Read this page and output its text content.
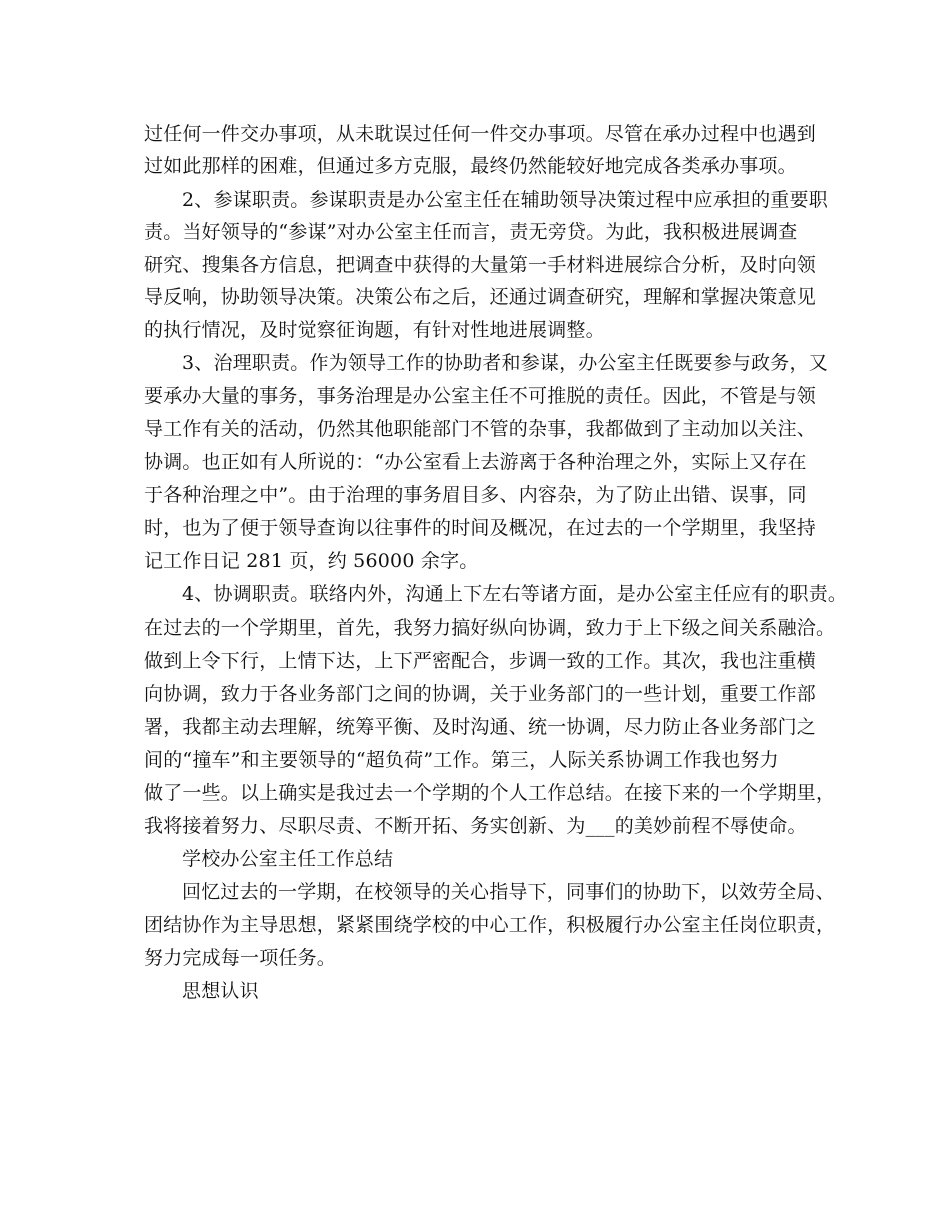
过任何一件交办事项，从未耽误过任何一件交办事项。尽管在承办过程中也遇到
过如此那样的困难，但通过多方克服，最终仍然能较好地完成各类承办事项。
2、参谋职责。参谋职责是办公室主任在辅助领导决策过程中应承担的重要职
责。当好领导的“参谋”对办公室主任而言，责无旁贷。为此，我积极进展调查
研究、搜集各方信息，把调查中获得的大量第一手材料进展综合分析，及时向领
导反响，协助领导决策。决策公布之后，还通过调查研究，理解和掌握决策意见
的执行情况，及时觉察征询题，有针对性地进展调整。
3、治理职责。作为领导工作的协助者和参谋，办公室主任既要参与政务，又
要承办大量的事务，事务治理是办公室主任不可推脱的责任。因此，不管是与领
导工作有关的活动，仍然其他职能部门不管的杂事，我都做到了主动加以关注、
协调。也正如有人所说的：“办公室看上去游离于各种治理之外，实际上又存在
于各种治理之中”。由于治理的事务眉目多、内容杂，为了防止出错、误事，同
时，也为了便于领导查询以往事件的时间及概况，在过去的一个学期里，我坚持
记工作日记 281 页，约 56000 余字。
4、协调职责。联络内外，沟通上下左右等诸方面，是办公室主任应有的职责。
在过去的一个学期里，首先，我努力搞好纵向协调，致力于上下级之间关系融洽。
做到上令下行，上情下达，上下严密配合，步调一致的工作。其次，我也注重横
向协调，致力于各业务部门之间的协调，关于业务部门的一些计划，重要工作部
署，我都主动去理解，统筹平衡、及时沟通、统一协调，尽力防止各业务部门之
间的“撞车”和主要领导的“超负荷”工作。第三，人际关系协调工作我也努力
做了一些。以上确实是我过去一个学期的个人工作总结。在接下来的一个学期里，
我将接着努力、尽职尽责、不断开拓、务实创新、为___的美妙前程不辱使命。
学校办公室主任工作总结
回忆过去的一学期，在校领导的关心指导下，同事们的协助下，以效劳全局、
团结协作为主导思想，紧紧围绕学校的中心工作，积极履行办公室主任岗位职责，
努力完成每一项任务。
思想认识
